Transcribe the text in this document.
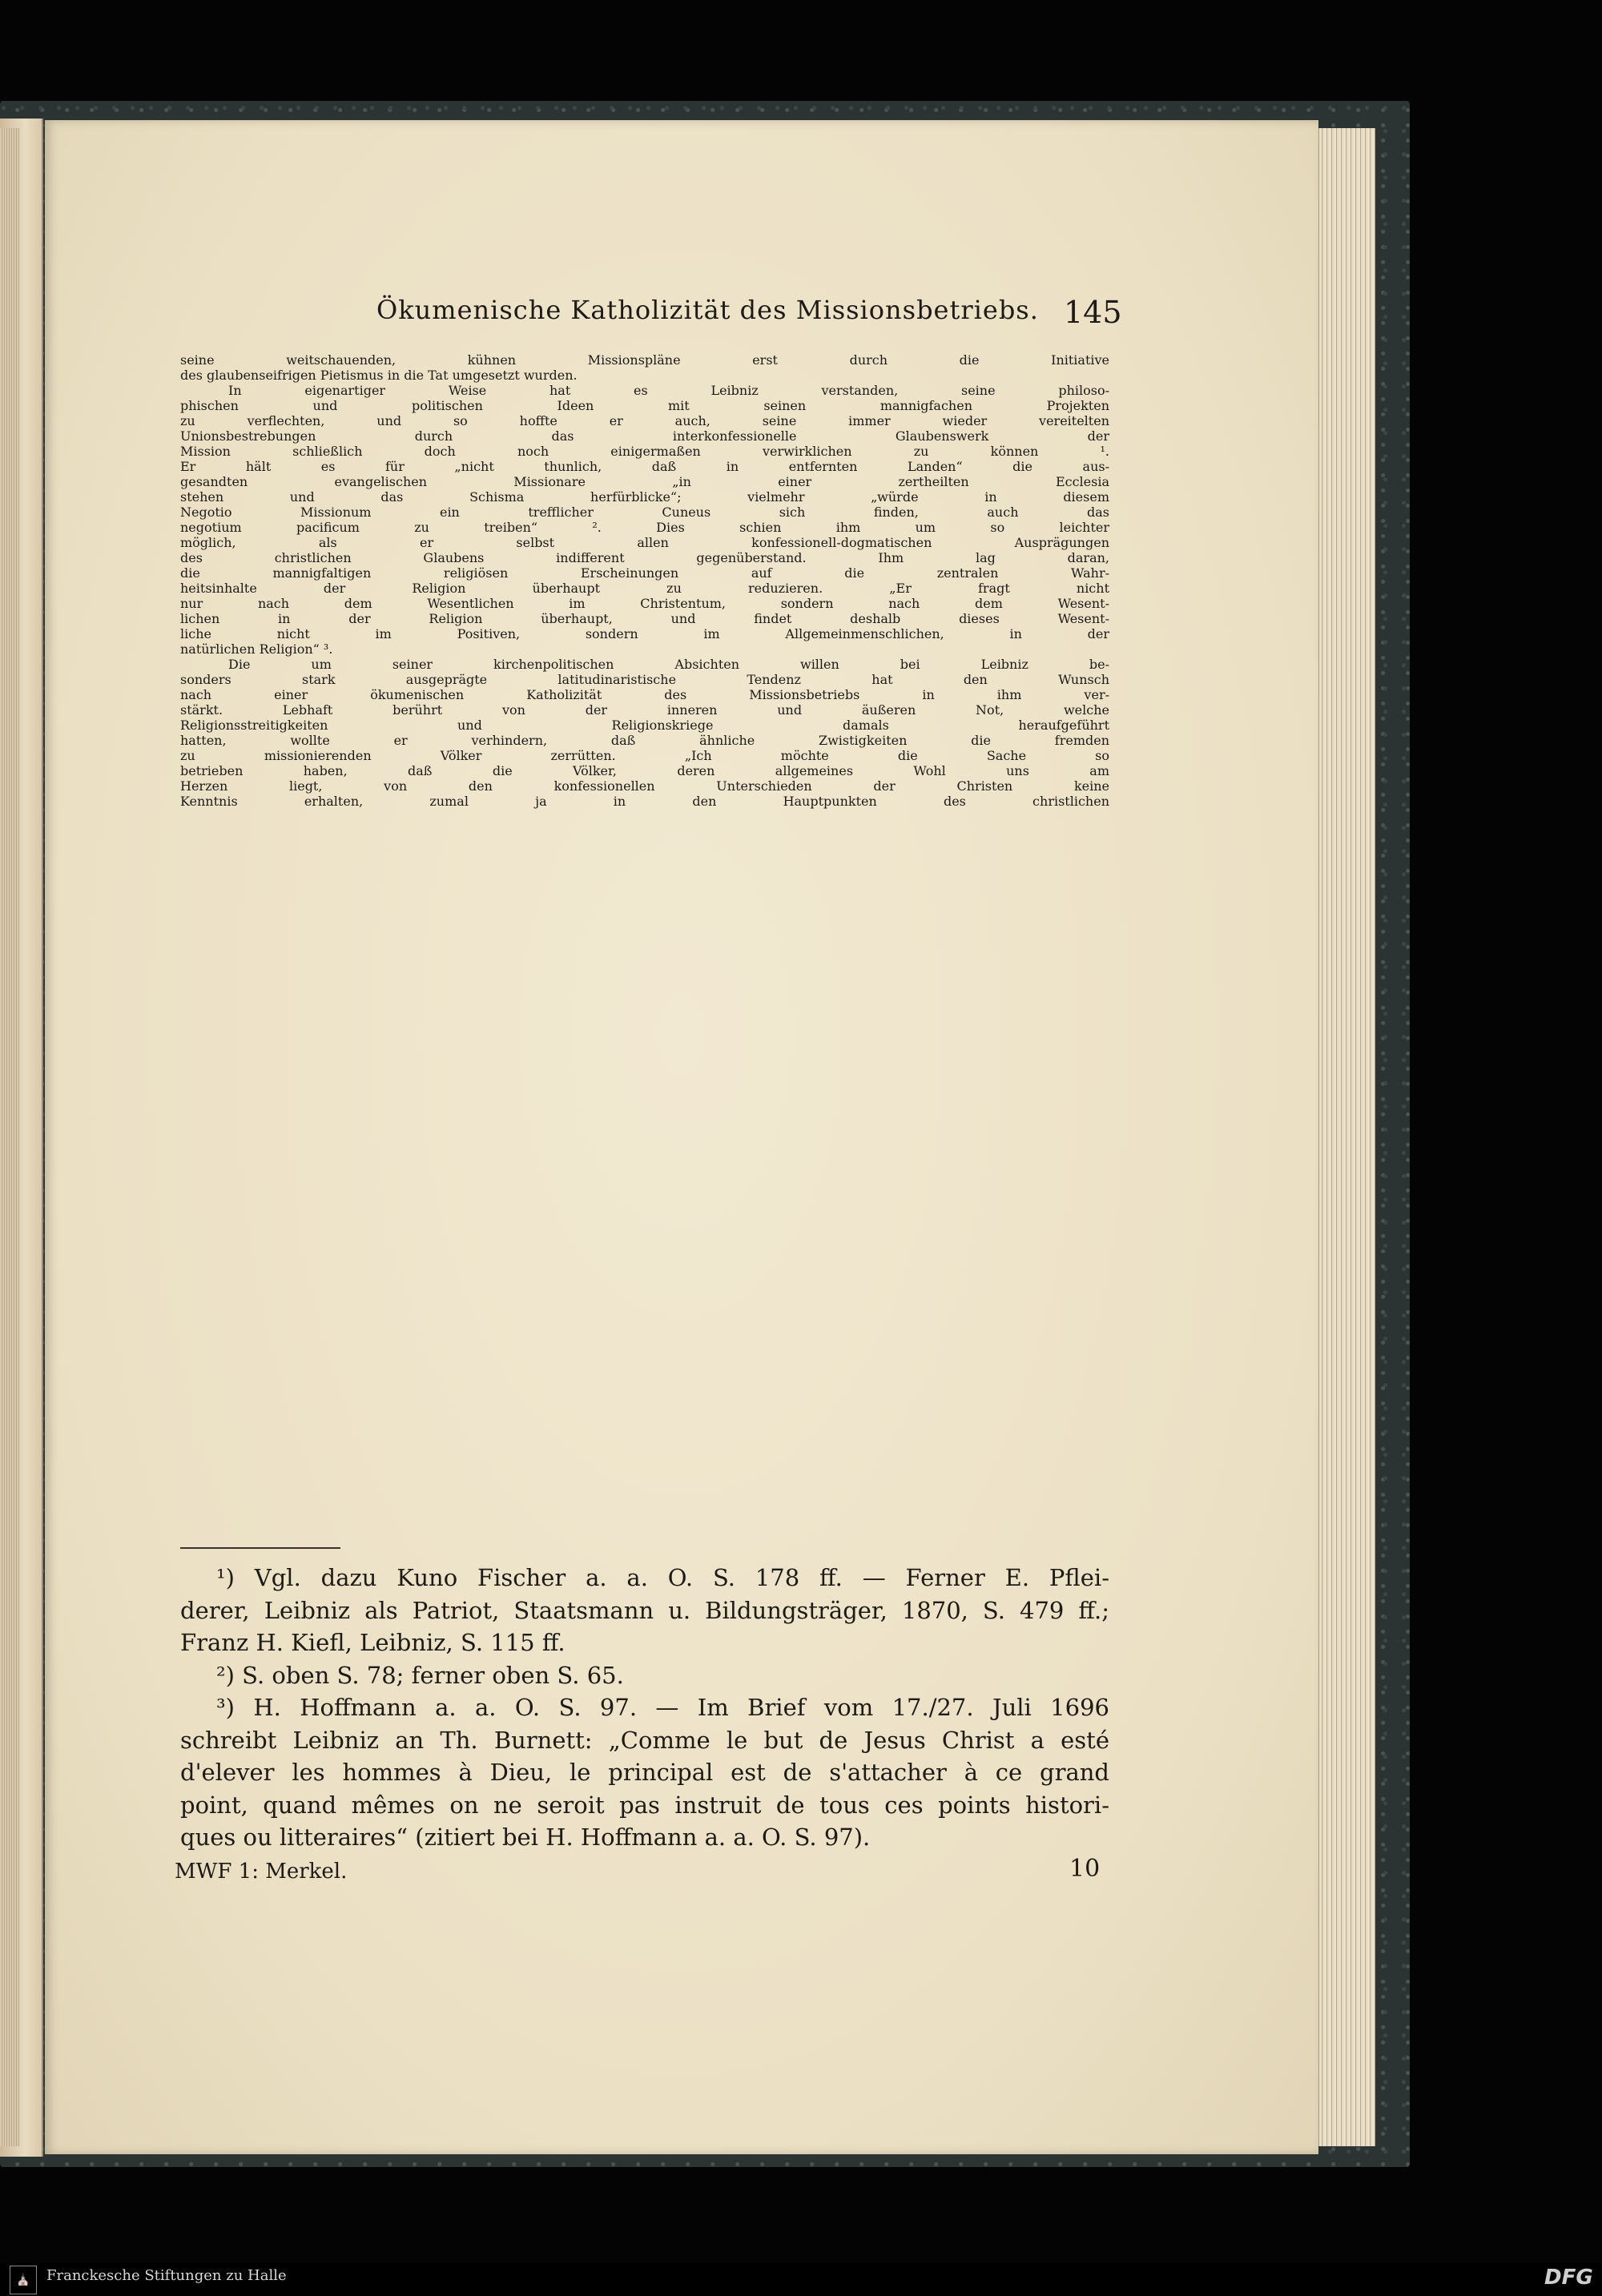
Ökumenische Katholizität des Missionsbetriebs. 145
seine weitschauenden, kühnen Missionspläne erst durch die Initiative
des glaubenseifrigen Pietismus in die Tat umgesetzt wurden.
In eigenartiger Weise hat es Leibniz verstanden, seine philoso-
phischen und politischen Ideen mit seinen mannigfachen Projekten
zu verflechten, und so hoffte er auch, seine immer wieder vereitelten
Unionsbestrebungen durch das interkonfessionelle Glaubenswerk der
Mission schließlich doch noch einigermaßen verwirklichen zu können ¹.
Er hält es für „nicht thunlich, daß in entfernten Landen“ die aus-
gesandten evangelischen Missionare „in einer zertheilten Ecclesia
stehen und das Schisma herfürblicke“; vielmehr „würde in diesem
Negotio Missionum ein trefflicher Cuneus sich finden, auch das
negotium pacificum zu treiben“ ². Dies schien ihm um so leichter
möglich, als er selbst allen konfessionell-dogmatischen Ausprägungen
des christlichen Glaubens indifferent gegenüberstand. Ihm lag daran,
die mannigfaltigen religiösen Erscheinungen auf die zentralen Wahr-
heitsinhalte der Religion überhaupt zu reduzieren. „Er fragt nicht
nur nach dem Wesentlichen im Christentum, sondern nach dem Wesent-
lichen in der Religion überhaupt, und findet deshalb dieses Wesent-
liche nicht im Positiven, sondern im Allgemeinmenschlichen, in der
natürlichen Religion“ ³.
Die um seiner kirchenpolitischen Absichten willen bei Leibniz be-
sonders stark ausgeprägte latitudinaristische Tendenz hat den Wunsch
nach einer ökumenischen Katholizität des Missionsbetriebs in ihm ver-
stärkt. Lebhaft berührt von der inneren und äußeren Not, welche
Religionsstreitigkeiten und Religionskriege damals heraufgeführt
hatten, wollte er verhindern, daß ähnliche Zwistigkeiten die fremden
zu missionierenden Völker zerrütten. „Ich möchte die Sache so
betrieben haben, daß die Völker, deren allgemeines Wohl uns am
Herzen liegt, von den konfessionellen Unterschieden der Christen keine
Kenntnis erhalten, zumal ja in den Hauptpunkten des christlichen
¹) Vgl. dazu Kuno Fischer a. a. O. S. 178 ff. — Ferner E. Pflei-
derer, Leibniz als Patriot, Staatsmann u. Bildungsträger, 1870, S. 479 ff.;
Franz H. Kiefl, Leibniz, S. 115 ff.
²) S. oben S. 78; ferner oben S. 65.
³) H. Hoffmann a. a. O. S. 97. — Im Brief vom 17./27. Juli 1696
schreibt Leibniz an Th. Burnett: „Comme le but de Jesus Christ a esté
d'elever les hommes à Dieu, le principal est de s'attacher à ce grand
point, quand mêmes on ne seroit pas instruit de tous ces points histori-
ques ou litteraires“ (zitiert bei H. Hoffmann a. a. O. S. 97).
MWF 1: Merkel.	10
⛪	Franckesche Stiftungen zu Halle	DFG
